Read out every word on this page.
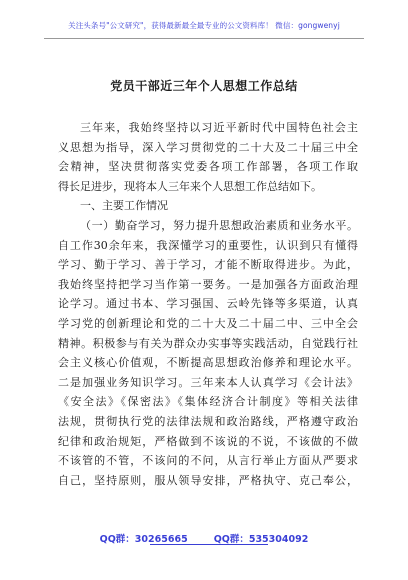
关注头条号"公文研究"，获得最新最全最专业的公文资料库！ 微信：gongwenyj
党员干部近三年个人思想工作总结
三年来，我始终坚持以习近平新时代中国特色社会主
义思想为指导，深入学习贯彻党的二十大及二十届三中全
会精神，坚决贯彻落实党委各项工作部署，各项工作取
得长足进步，现将本人三年来个人思想工作总结如下。
一、主要工作情况
（一）勤奋学习，努力提升思想政治素质和业务水平。
自工作30余年来，我深懂学习的重要性，认识到只有懂得
学习、勤于学习、善于学习，才能不断取得进步。为此，
我始终坚持把学习当作第一要务。一是加强各方面政治理
论学习。通过书本、学习强国、云岭先锋等多渠道，认真
学习党的创新理论和党的二十大及二十届二中、三中全会
精神。积极参与有关为群众办实事等实践活动，自觉践行社
会主义核心价值观，不断提高思想政治修养和理论水平。
二是加强业务知识学习。三年来本人认真学习《会计法》
《安全法》《保密法》《集体经济合计制度》等相关法律
法规，贯彻执行党的法律法规和政治路线，严格遵守政治
纪律和政治规矩，严格做到不该说的不说，不该做的不做
不该管的不管，不该问的不问，从言行举止方面从严要求
自己，坚持原则，服从领导安排，严格执守、克己奉公，
QQ群：30265665	QQ群：535304092
